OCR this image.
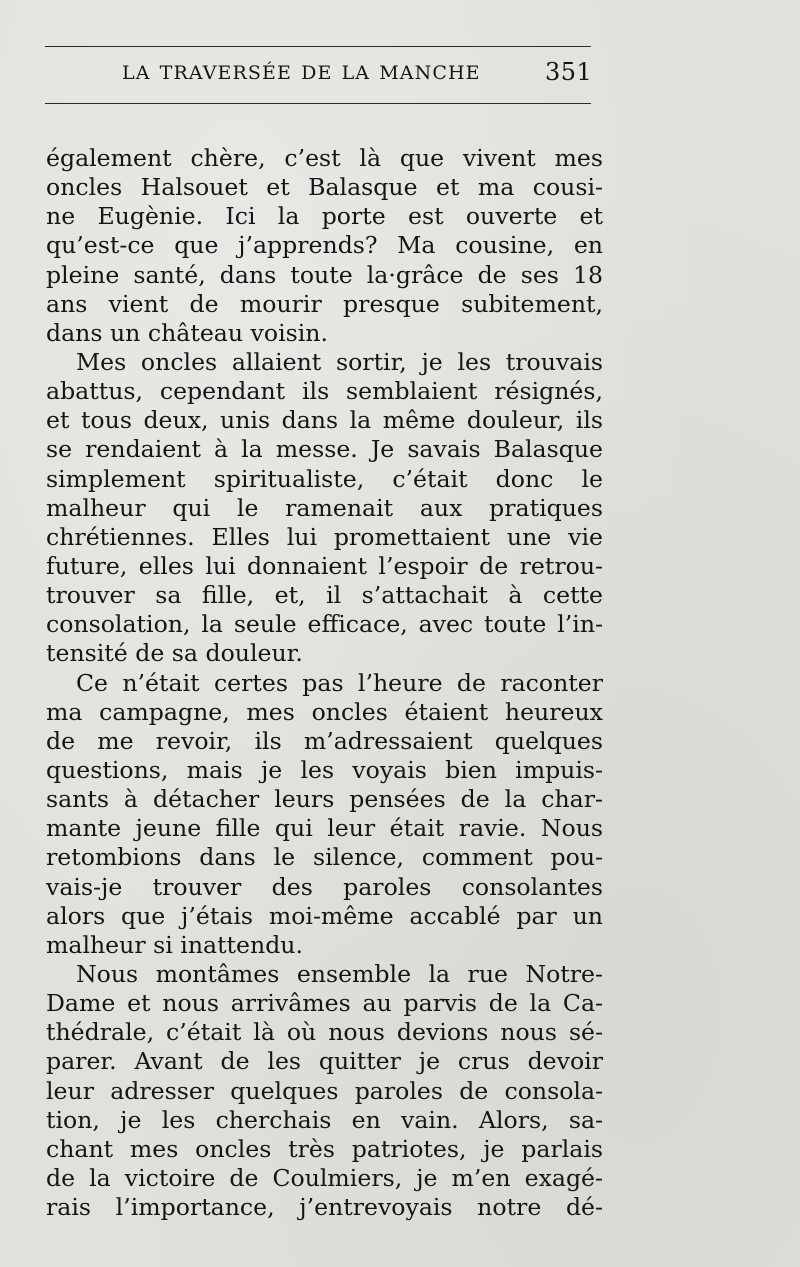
LA TRAVERSÉE DE LA MANCHE	351
également chère, c’est là que vivent mes
oncles Halsouet et Balasque et ma cousi-
ne Eugènie. Ici la porte est ouverte et
qu’est-ce que j’apprends? Ma cousine, en
pleine santé, dans toute la·grâce de ses 18
ans vient de mourir presque subitement,
dans un château voisin.
Mes oncles allaient sortir, je les trouvais
abattus, cependant ils semblaient résignés,
et tous deux, unis dans la même douleur, ils
se rendaient à la messe. Je savais Balasque
simplement spiritualiste, c’était donc le
malheur qui le ramenait aux pratiques
chrétiennes. Elles lui promettaient une vie
future, elles lui donnaient l’espoir de retrou-
trouver sa fille, et, il s’attachait à cette
consolation, la seule efficace, avec toute l’in-
tensité de sa douleur.
Ce n’était certes pas l’heure de raconter
ma campagne, mes oncles étaient heureux
de me revoir, ils m’adressaient quelques
questions, mais je les voyais bien impuis-
sants à détacher leurs pensées de la char-
mante jeune fille qui leur était ravie. Nous
retombions dans le silence, comment pou-
vais-je trouver des paroles consolantes
alors que j’étais moi-même accablé par un
malheur si inattendu.
Nous montâmes ensemble la rue Notre-
Dame et nous arrivâmes au parvis de la Ca-
thédrale, c’était là où nous devions nous sé-
parer. Avant de les quitter je crus devoir
leur adresser quelques paroles de consola-
tion, je les cherchais en vain. Alors, sa-
chant mes oncles très patriotes, je parlais
de la victoire de Coulmiers, je m’en exagé-
rais l’importance, j’entrevoyais notre dé-
